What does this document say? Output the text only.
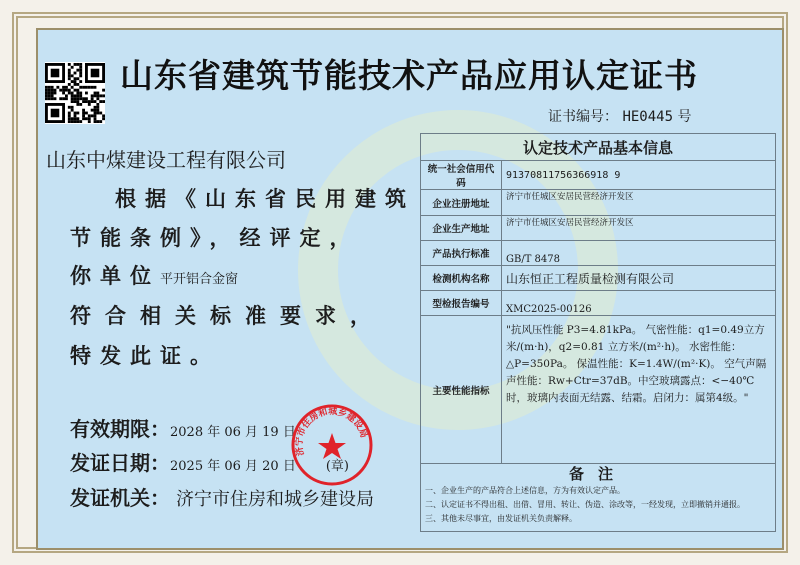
山东省建筑节能技术产品应用认定证书
证书编号： HE0445 号
山东中煤建设工程有限公司
根据《山东省民用建筑
节能条例》，经评定，
你单位平开铝合金窗
符合相关标准要求，
特发此证。
有效期限：2028 年 06 月 19 日
发证日期：2025 年 06 月 20 日 (章)
发证机关： 济宁市住房和城乡建设局
济宁市住房和城乡建设局
认定技术产品基本信息	
统一社会信用代码	91370811756366918 9
企业注册地址	济宁市任城区安居民营经济开发区
企业生产地址	济宁市任城区安居民营经济开发区
产品执行标准	GB/T 8478
检测机构名称	山东恒正工程质量检测有限公司
型检报告编号	XMC2025-00126
主要性能指标	"抗风压性能 P3=4.81kPa。 气密性能：q1=0.49立方米/(m·h)，q2=0.81 立方米/(m²·h)。 水密性能：△P=350Pa。 保温性能：K=1.4W/(m²·K)。 空气声隔声性能：Rw+Ctr=37dB。中空玻璃露点：<−40℃时，玻璃内表面无结露、结霜。启闭力：属第4级。"

备注
一、企业生产的产品符合上述信息，方为有效认定产品。
二、认定证书不得出租、出借、冒用、转让、伪造、涂改等，一经发现，立即撤销并通报。
三、其他未尽事宜，由发证机关负责解释。	
